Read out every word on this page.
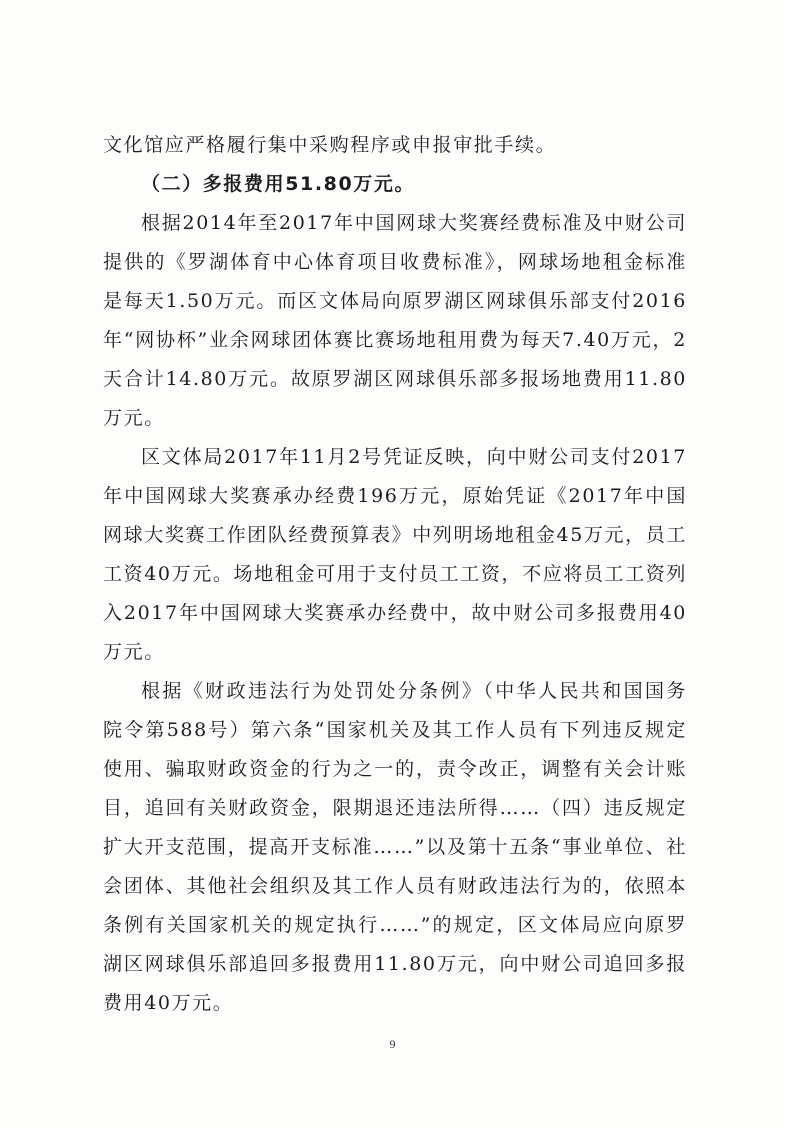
文化馆应严格履行集中采购程序或申报审批手续。

（二）多报费用51.80万元。

根据2014年至2017年中国网球大奖赛经费标准及中财公司提供的《罗湖体育中心体育项目收费标准》，网球场地租金标准是每天1.50万元。而区文体局向原罗湖区网球俱乐部支付2016年“网协杯”业余网球团体赛比赛场地租用费为每天7.40万元，2天合计14.80万元。故原罗湖区网球俱乐部多报场地费用11.80万元。

区文体局2017年11月2号凭证反映，向中财公司支付2017年中国网球大奖赛承办经费196万元，原始凭证《2017年中国网球大奖赛工作团队经费预算表》中列明场地租金45万元，员工工资40万元。场地租金可用于支付员工工资，不应将员工工资列入2017年中国网球大奖赛承办经费中，故中财公司多报费用40万元。

根据《财政违法行为处罚处分条例》（中华人民共和国国务院令第588号）第六条“国家机关及其工作人员有下列违反规定使用、骗取财政资金的行为之一的，责令改正，调整有关会计账目，追回有关财政资金，限期退还违法所得……（四）违反规定扩大开支范围，提高开支标准……”以及第十五条“事业单位、社会团体、其他社会组织及其工作人员有财政违法行为的，依照本条例有关国家机关的规定执行……”的规定，区文体局应向原罗湖区网球俱乐部追回多报费用11.80万元，向中财公司追回多报费用40万元。

9
